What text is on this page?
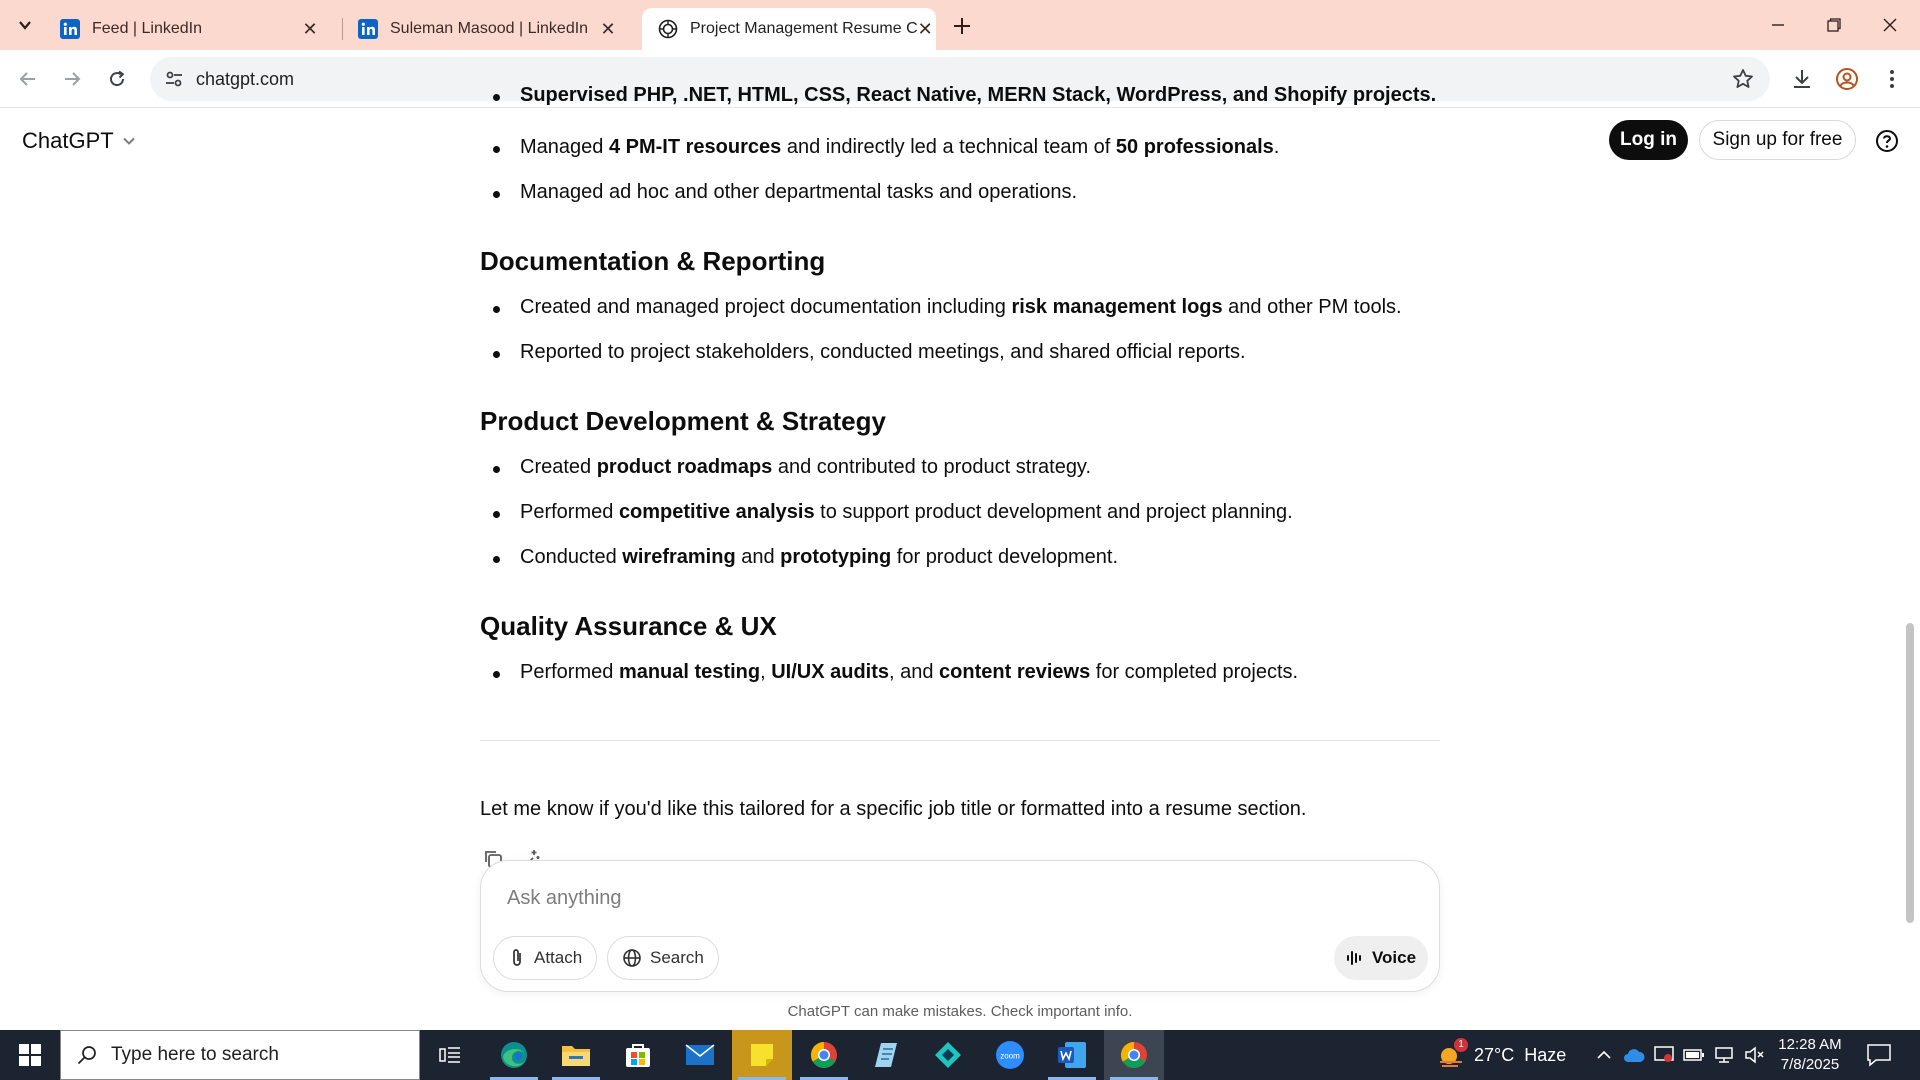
Feed | LinkedIn	✕	Suleman Masood | LinkedIn ✕	Project Management Resume C ✕
chatgpt.com
Supervised PHP, .NET, HTML, CSS, React Native, MERN Stack, WordPress, and Shopify projects.
Managed 4 PM-IT resources and indirectly led a technical team of 50 professionals.
Managed ad hoc and other departmental tasks and operations.
Documentation & Reporting
Created and managed project documentation including risk management logs and other PM tools.
Reported to project stakeholders, conducted meetings, and shared official reports.
Product Development & Strategy
Created product roadmaps and contributed to product strategy.
Performed competitive analysis to support product development and project planning.
Conducted wireframing and prototyping for product development.
Quality Assurance & UX
Performed manual testing, UI/UX audits, and content reviews for completed projects.

Let me know if you'd like this tailored for a specific job title or formatted into a resume section.

ChatGPT	Log in	Sign up for free
Ask anything
Attach	Search	Voice
ChatGPT can make mistakes. Check important info.
Type here to search	zoom
1 27°C  Haze	12:28 AM
7/8/2025
